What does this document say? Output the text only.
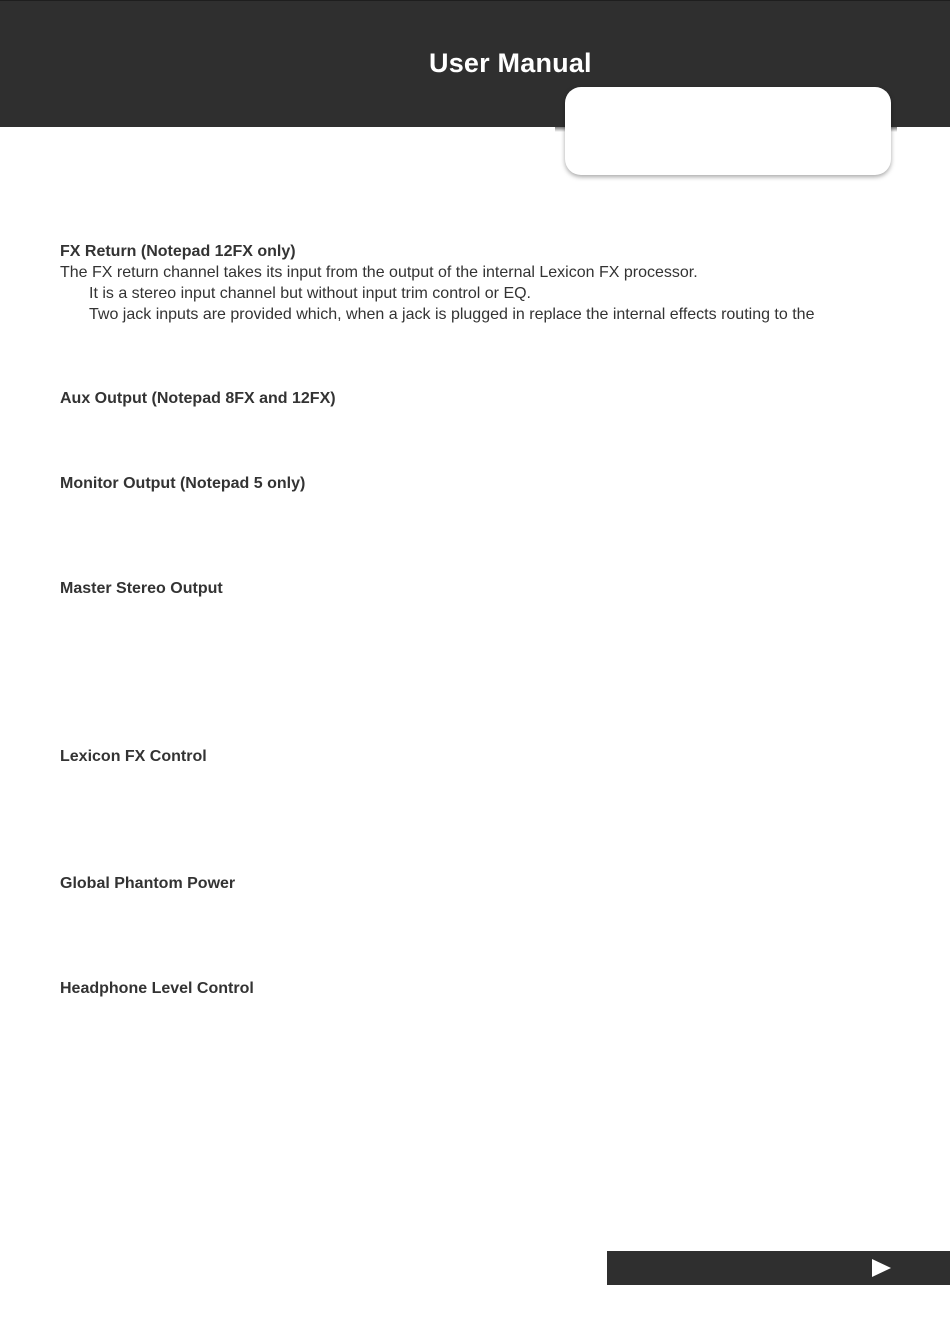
User Manual
FX Return (Notepad 12FX only)

The FX return channel takes its input from the output of the internal Lexicon FX processor.

It is a stereo input channel but without input trim control or EQ.

Two jack inputs are provided which, when a jack is plugged in replace the internal effects routing to the

Aux Output (Notepad 8FX and 12FX)
Monitor Output (Notepad 5 only)
Master Stereo Output
Lexicon FX Control
Global Phantom Power
Headphone Level Control
